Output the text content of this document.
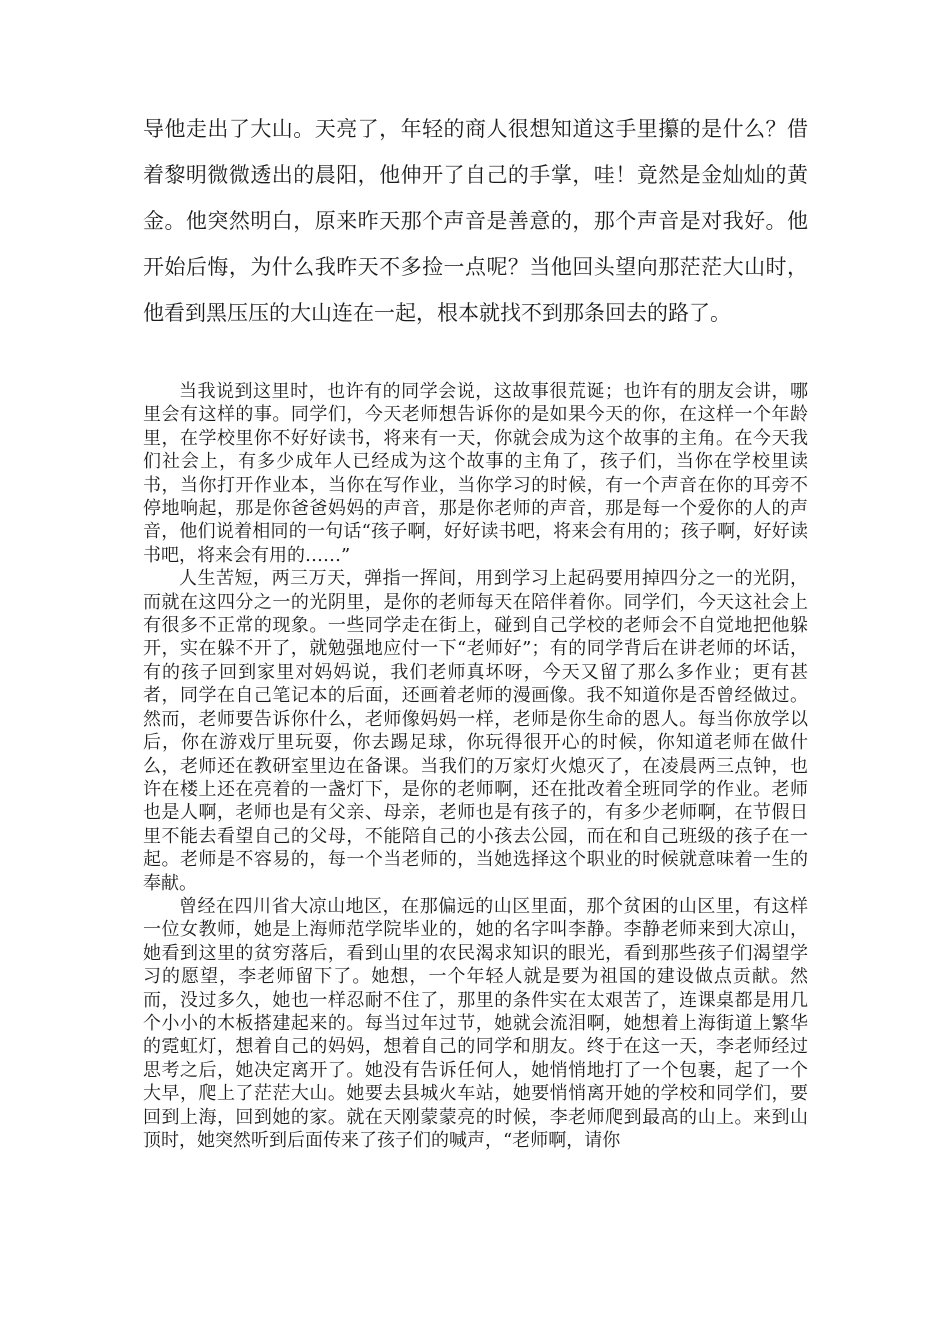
导他走出了大山。天亮了，年轻的商人很想知道这手里攥的是什么？借着黎明微微透出的晨阳，他伸开了自己的手掌，哇！竟然是金灿灿的黄金。他突然明白，原来昨天那个声音是善意的，那个声音是对我好。他开始后悔，为什么我昨天不多捡一点呢？当他回头望向那茫茫大山时，他看到黑压压的大山连在一起，根本就找不到那条回去的路了。

当我说到这里时，也许有的同学会说，这故事很荒诞；也许有的朋友会讲，哪里会有这样的事。同学们，今天老师想告诉你的是如果今天的你，在这样一个年龄里，在学校里你不好好读书，将来有一天，你就会成为这个故事的主角。在今天我们社会上，有多少成年人已经成为这个故事的主角了，孩子们，当你在学校里读书，当你打开作业本，当你在写作业，当你学习的时候，有一个声音在你的耳旁不停地响起，那是你爸爸妈妈的声音，那是你老师的声音，那是每一个爱你的人的声音，他们说着相同的一句话“孩子啊，好好读书吧，将来会有用的；孩子啊，好好读书吧，将来会有用的……”

人生苦短，两三万天，弹指一挥间，用到学习上起码要用掉四分之一的光阴，而就在这四分之一的光阴里，是你的老师每天在陪伴着你。同学们，今天这社会上有很多不正常的现象。一些同学走在街上，碰到自己学校的老师会不自觉地把他躲开，实在躲不开了，就勉强地应付一下“老师好”；有的同学背后在讲老师的坏话，有的孩子回到家里对妈妈说，我们老师真坏呀，今天又留了那么多作业；更有甚者，同学在自己笔记本的后面，还画着老师的漫画像。我不知道你是否曾经做过。然而，老师要告诉你什么，老师像妈妈一样，老师是你生命的恩人。每当你放学以后，你在游戏厅里玩耍，你去踢足球，你玩得很开心的时候，你知道老师在做什么，老师还在教研室里边在备课。当我们的万家灯火熄灭了，在凌晨两三点钟，也许在楼上还在亮着的一盏灯下，是你的老师啊，还在批改着全班同学的作业。老师也是人啊，老师也是有父亲、母亲，老师也是有孩子的，有多少老师啊，在节假日里不能去看望自己的父母，不能陪自己的小孩去公园，而在和自己班级的孩子在一起。老师是不容易的，每一个当老师的，当她选择这个职业的时候就意味着一生的奉献。

曾经在四川省大凉山地区，在那偏远的山区里面，那个贫困的山区里，有这样一位女教师，她是上海师范学院毕业的，她的名字叫李静。李静老师来到大凉山，她看到这里的贫穷落后，看到山里的农民渴求知识的眼光，看到那些孩子们渴望学习的愿望，李老师留下了。她想，一个年轻人就是要为祖国的建设做点贡献。然而，没过多久，她也一样忍耐不住了，那里的条件实在太艰苦了，连课桌都是用几个小小的木板搭建起来的。每当过年过节，她就会流泪啊，她想着上海街道上繁华的霓虹灯，想着自己的妈妈，想着自己的同学和朋友。终于在这一天，李老师经过思考之后，她决定离开了。她没有告诉任何人，她悄悄地打了一个包裹，起了一个大早，爬上了茫茫大山。她要去县城火车站，她要悄悄离开她的学校和同学们，要回到上海，回到她的家。就在天刚蒙蒙亮的时候，李老师爬到最高的山上。来到山顶时，她突然听到后面传来了孩子们的喊声，“老师啊，请你
